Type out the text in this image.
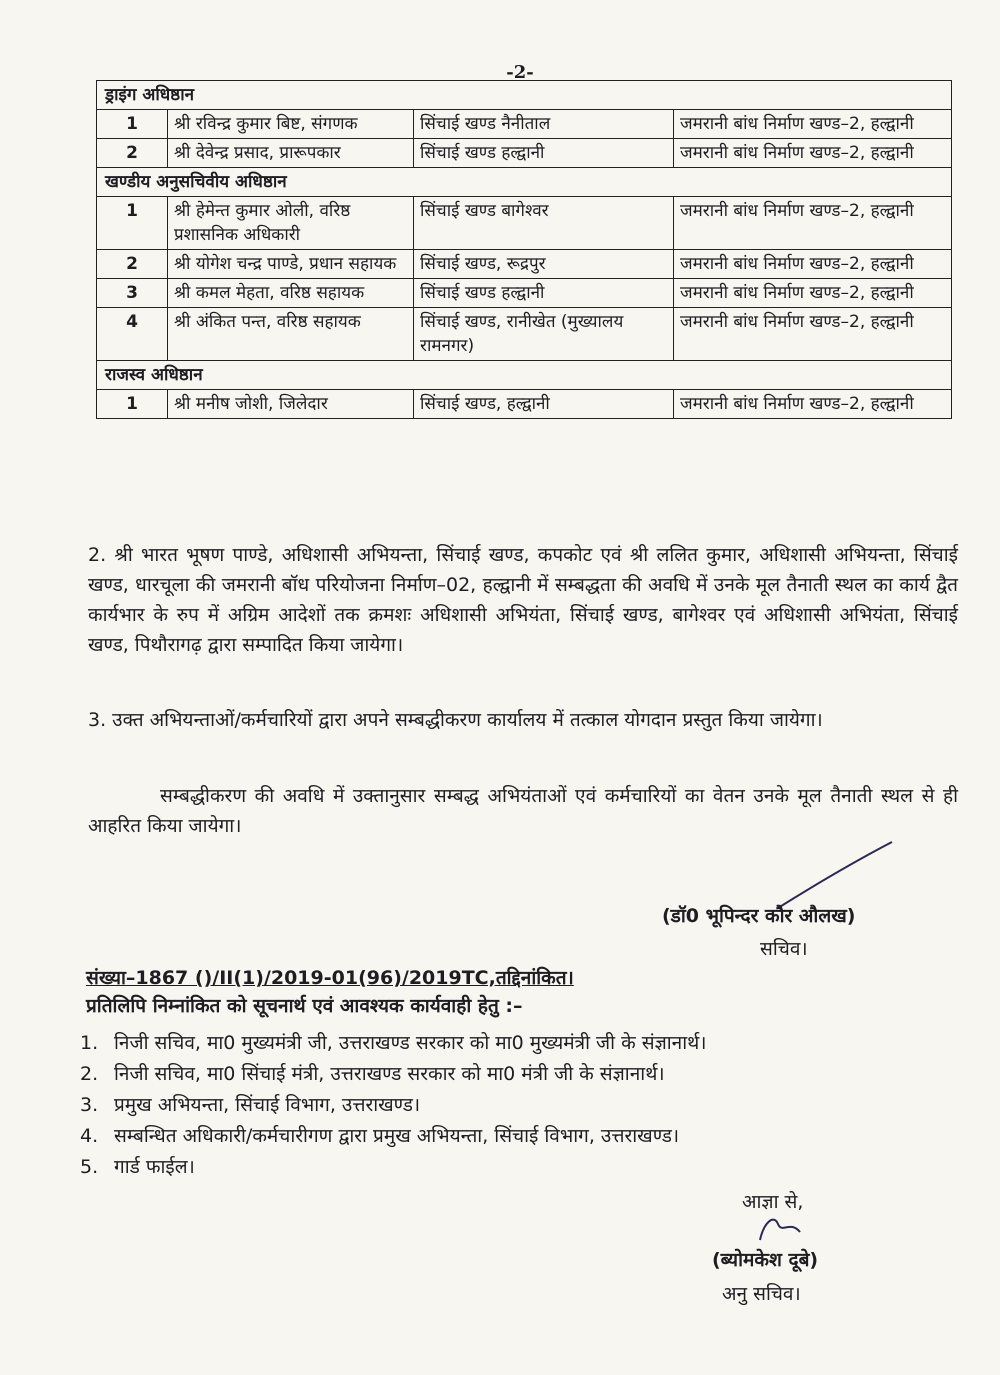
-2-
ड्राइंग अधिष्ठान			
1	श्री रविन्द्र कुमार बिष्ट, संगणक	सिंचाई खण्ड नैनीताल	जमरानी बांध निर्माण खण्ड–2, हल्द्वानी
2	श्री देवेन्द्र प्रसाद, प्रारूपकार	सिंचाई खण्ड हल्द्वानी	जमरानी बांध निर्माण खण्ड–2, हल्द्वानी
खण्डीय अनुसचिवीय अधिष्ठान			
1	श्री हेमेन्त कुमार ओली, वरिष्ठ प्रशासनिक अधिकारी	सिंचाई खण्ड बागेश्वर	जमरानी बांध निर्माण खण्ड–2, हल्द्वानी
2	श्री योगेश चन्द्र पाण्डे, प्रधान सहायक	सिंचाई खण्ड, रूद्रपुर	जमरानी बांध निर्माण खण्ड–2, हल्द्वानी
3	श्री कमल मेहता, वरिष्ठ सहायक	सिंचाई खण्ड हल्द्वानी	जमरानी बांध निर्माण खण्ड–2, हल्द्वानी
4	श्री अंकित पन्त, वरिष्ठ सहायक	सिंचाई खण्ड, रानीखेत (मुख्यालय रामनगर)	जमरानी बांध निर्माण खण्ड–2, हल्द्वानी
राजस्व अधिष्ठान			
1	श्री मनीष जोशी, जिलेदार	सिंचाई खण्ड, हल्द्वानी	जमरानी बांध निर्माण खण्ड–2, हल्द्वानी
2. श्री भारत भूषण पाण्डे, अधिशासी अभियन्ता, सिंचाई खण्ड, कपकोट एवं श्री ललित कुमार, अधिशासी अभियन्ता, सिंचाई खण्ड, धारचूला की जमरानी बॉध परियोजना निर्माण–02, हल्द्वानी में सम्बद्धता की अवधि में उनके मूल तैनाती स्थल का कार्य द्वैत कार्यभार के रुप में अग्रिम आदेशों तक क्रमशः अधिशासी अभियंता, सिंचाई खण्ड, बागेश्वर एवं अधिशासी अभियंता, सिंचाई खण्ड, पिथौरागढ़ द्वारा सम्पादित किया जायेगा।
3. उक्त अभियन्ताओं/कर्मचारियों द्वारा अपने सम्बद्धीकरण कार्यालय में तत्काल योगदान प्रस्तुत किया जायेगा।
सम्बद्धीकरण की अवधि में उक्तानुसार सम्बद्ध अभियंताओं एवं कर्मचारियों का वेतन उनके मूल तैनाती स्थल से ही आहरित किया जायेगा।
(डॉ0 भूपिन्दर कौर औलख)
सचिव।
संख्या–1867 ()/II(1)/2019-01(96)/2019TC,तद्दिनांकित।
प्रतिलिपि निम्नांकित को सूचनार्थ एवं आवश्यक कार्यवाही हेतु :–
1. निजी सचिव, मा0 मुख्यमंत्री जी, उत्तराखण्ड सरकार को मा0 मुख्यमंत्री जी के संज्ञानार्थ।
2. निजी सचिव, मा0 सिंचाई मंत्री, उत्तराखण्ड सरकार को मा0 मंत्री जी के संज्ञानार्थ।
3. प्रमुख अभियन्ता, सिंचाई विभाग, उत्तराखण्ड।
4. सम्बन्धित अधिकारी/कर्मचारीगण द्वारा प्रमुख अभियन्ता, सिंचाई विभाग, उत्तराखण्ड।
5. गार्ड फाईल।
आज्ञा से,
(ब्योमकेश दूबे)
अनु सचिव।
